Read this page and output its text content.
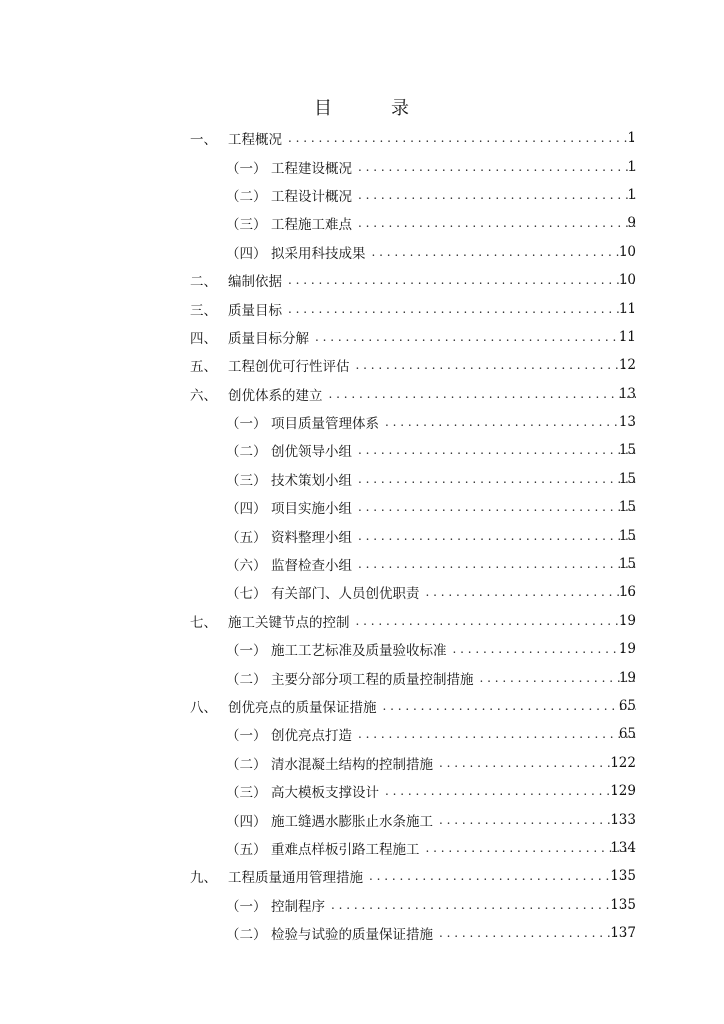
目	录
一、 工程概况 . . .	1
（一） 工程建设概况 . . .	1
（二） 工程设计概况 . . .	1
（三） 工程施工难点 . . .	9
（四） 拟采用科技成果 . . .	10
二、 编制依据 . . .	10
三、 质量目标 . . .	11
四、 质量目标分解 . . .	11
五、 工程创优可行性评估 . . .	12
六、 创优体系的建立 . . .	13
（一） 项目质量管理体系 . . .	13
（二） 创优领导小组 . . .	15
（三） 技术策划小组 . . .	15
（四） 项目实施小组 . . .	15
（五） 资料整理小组 . . .	15
（六） 监督检查小组 . . .	15
（七） 有关部门、人员创优职责 . . .	16
七、 施工关键节点的控制 . . .	19
（一） 施工工艺标准及质量验收标准 . . .	19
（二） 主要分部分项工程的质量控制措施 . . .	19
八、 创优亮点的质量保证措施 . . .	65
（一） 创优亮点打造 . . .	65
（二） 清水混凝土结构的控制措施 . . .	122
（三） 高大模板支撑设计 . . .	129
（四） 施工缝遇水膨胀止水条施工 . . .	133
（五） 重难点样板引路工程施工 . . .	134
九、 工程质量通用管理措施 . . .	135
（一） 控制程序 . . .	135
（二） 检验与试验的质量保证措施 . . .	137
